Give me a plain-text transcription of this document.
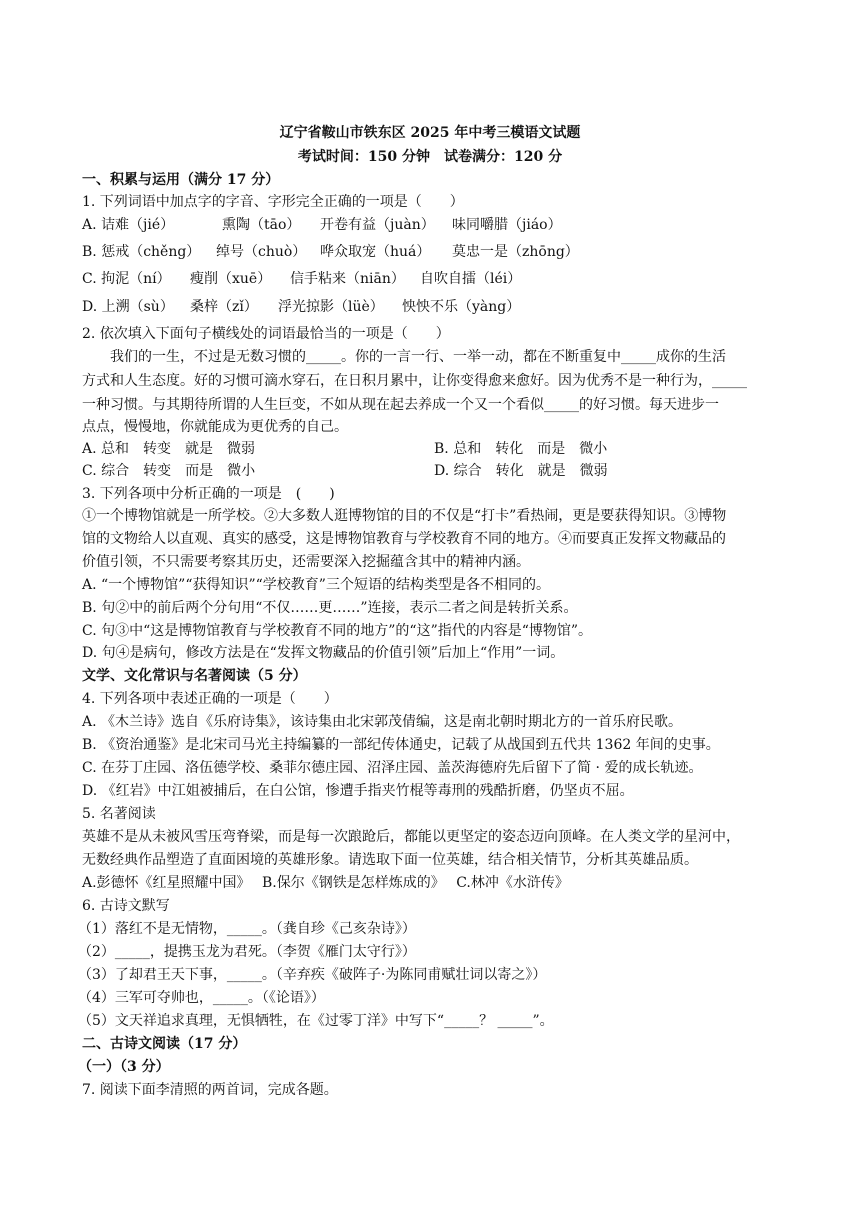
辽宁省鞍山市铁东区 2025 年中考三模语文试题
考试时间：150 分钟　试卷满分：120 分
一、积累与运用（满分 17 分）
1. 下列词语中加点字的字音、字形完全正确的一项是（　　）
A. 诘难（jié）	熏陶（tāo） 开卷有益（juàn） 味同嚼腊（jiáo）
B. 惩戒（chěng） 绰号（chuò） 哗众取宠（huá） 莫忠一是（zhōng）
C. 拘泥（ní） 瘦削（xuē） 信手粘来（niān） 自吹自擂（léi）
D. 上溯（sù） 桑梓（zǐ） 浮光掠影（lüè） 怏怏不乐（yàng）
2. 依次填入下面句子横线处的词语最恰当的一项是（　　）
我们的一生，不过是无数习惯的_____。你的一言一行、一举一动，都在不断重复中_____成你的生活
方式和人生态度。好的习惯可滴水穿石，在日积月累中，让你变得愈来愈好。因为优秀不是一种行为，_____
一种习惯。与其期待所谓的人生巨变，不如从现在起去养成一个又一个看似_____的好习惯。每天进步一
点点，慢慢地，你就能成为更优秀的自己。
A. 总和　转变　就是　微弱	B. 总和　转化　而是　微小
C. 综合　转变　而是　微小	D. 综合　转化　就是　微弱
3. 下列各项中分析正确的一项是　(　　)
①一个博物馆就是一所学校。②大多数人逛博物馆的目的不仅是“打卡”看热闹，更是要获得知识。③博物
馆的文物给人以直观、真实的感受，这是博物馆教育与学校教育不同的地方。④而要真正发挥文物藏品的
价值引领，不只需要考察其历史，还需要深入挖掘蕴含其中的精神内涵。
A. “一个博物馆”“获得知识”“学校教育”三个短语的结构类型是各不相同的。
B. 句②中的前后两个分句用“不仅……更……”连接，表示二者之间是转折关系。
C. 句③中“这是博物馆教育与学校教育不同的地方”的“这”指代的内容是“博物馆”。
D. 句④是病句，修改方法是在“发挥文物藏品的价值引领”后加上“作用”一词。
文学、文化常识与名著阅读（5 分）
4. 下列各项中表述正确的一项是（　　）
A. 《木兰诗》选自《乐府诗集》，该诗集由北宋郭茂倩编，这是南北朝时期北方的一首乐府民歌。
B. 《资治通鉴》是北宋司马光主持编纂的一部纪传体通史，记载了从战国到五代共 1362 年间的史事。
C. 在芬丁庄园、洛伍德学校、桑菲尔德庄园、沼泽庄园、盖茨海德府先后留下了简 · 爱的成长轨迹。
D. 《红岩》中江姐被捕后，在白公馆，惨遭手指夹竹棍等毒刑的残酷折磨，仍坚贞不屈。
5. 名著阅读
英雄不是从未被风雪压弯脊梁，而是每一次踉跄后，都能以更坚定的姿态迈向顶峰。在人类文学的星河中，
无数经典作品塑造了直面困境的英雄形象。请选取下面一位英雄，结合相关情节，分析其英雄品质。
A.彭德怀《红星照耀中国》　 B.保尔《钢铁是怎样炼成的》　 C.林冲《水浒传》
6. 古诗文默写
（1）落红不是无情物，_____。（龚自珍《己亥杂诗》）
（2）_____，提携玉龙为君死。（李贺《雁门太守行》）
（3）了却君王天下事，_____。（辛弃疾《破阵子·为陈同甫赋壮词以寄之》）
（4）三军可夺帅也，_____。（《论语》）
（5）文天祥追求真理，无惧牺牲，在《过零丁洋》中写下“_____？ _____”。
二、古诗文阅读（17 分）
（一）（3 分）
7. 阅读下面李清照的两首词，完成各题。
